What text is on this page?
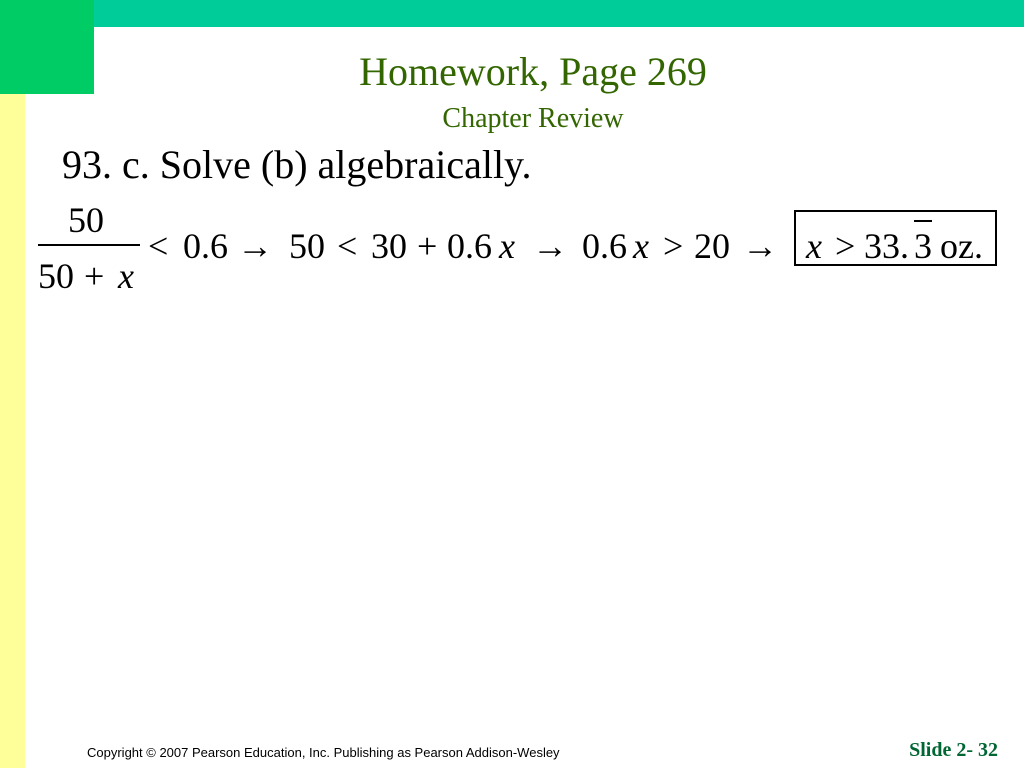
Homework, Page 269
Chapter Review
93. c. Solve (b) algebraically.
50
50 + x
< 0.6 → 50 < 30 + 0.6 x → 0.6 x > 20 → x > 33. 3 oz.
Copyright © 2007 Pearson Education, Inc. Publishing as Pearson Addison-Wesley	Slide 2- 32
